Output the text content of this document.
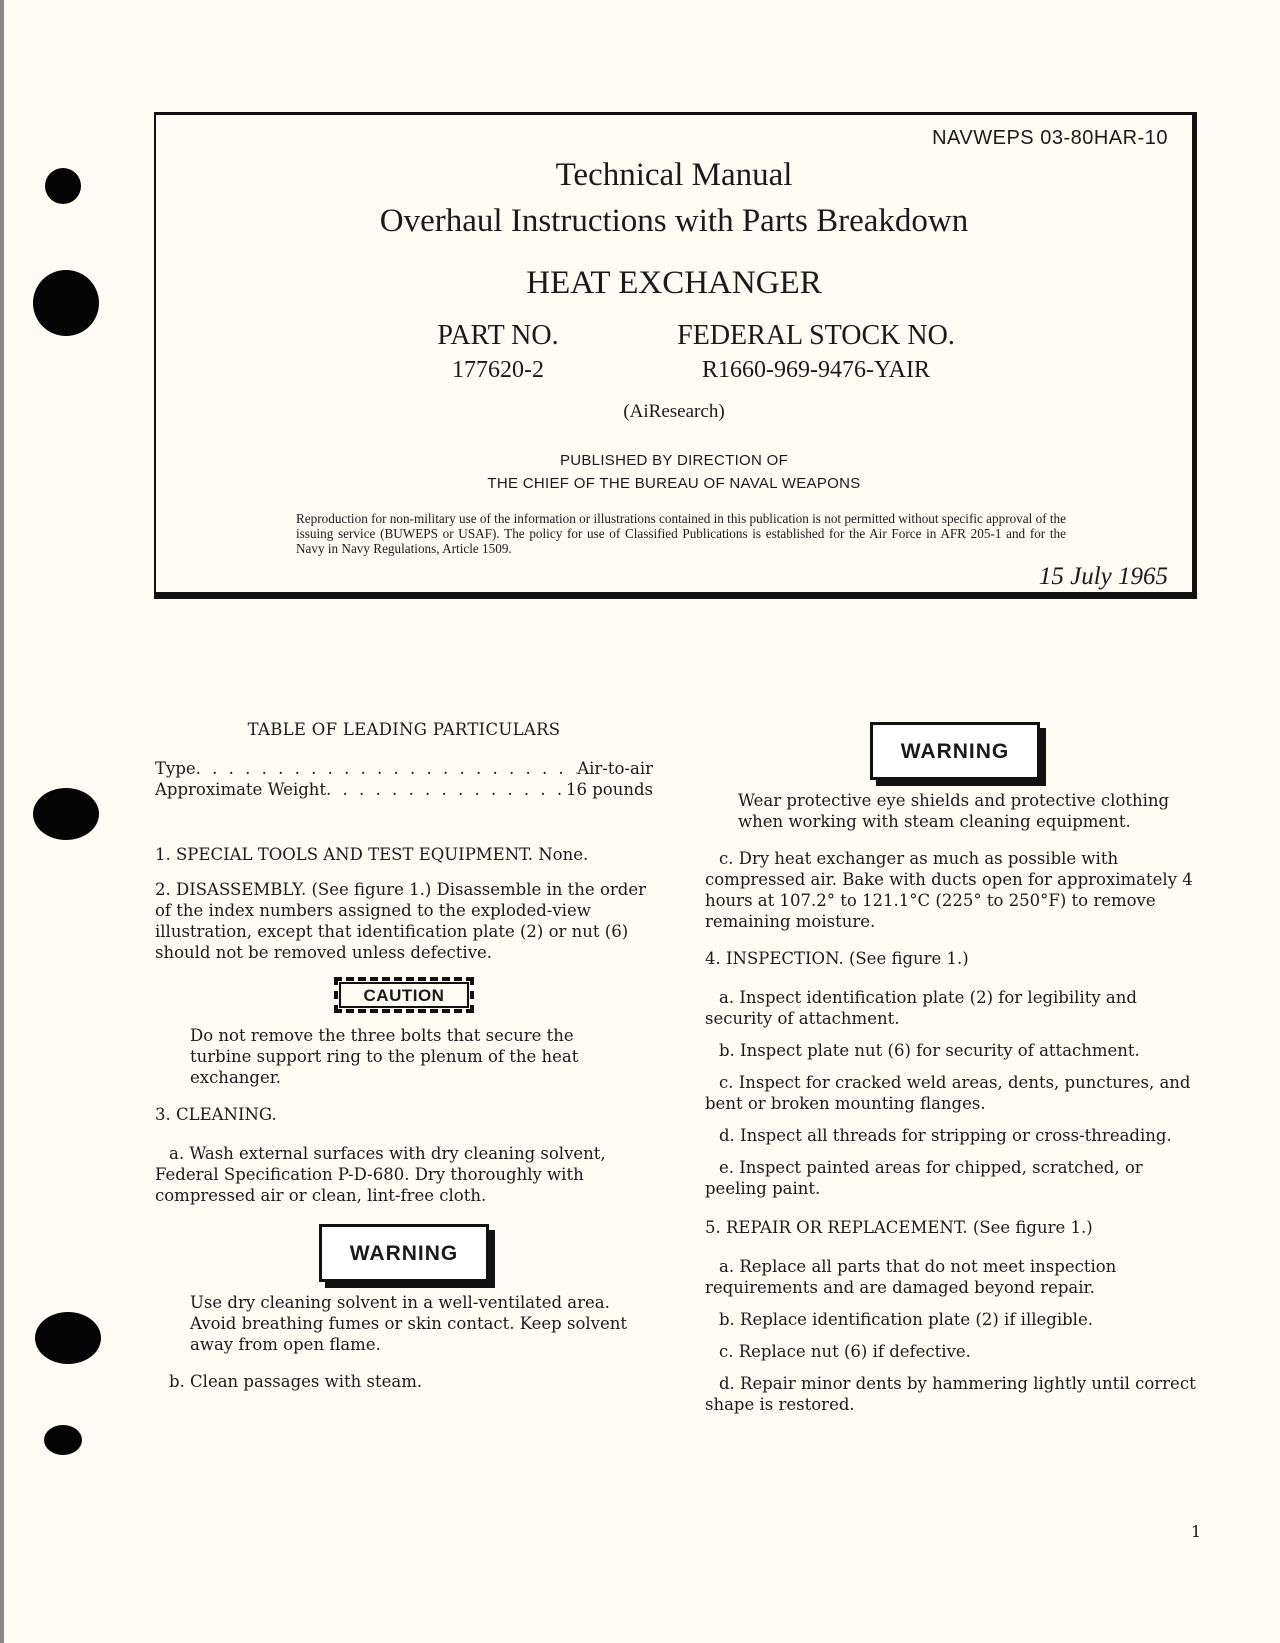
NAVWEPS 03-80HAR-10
Technical Manual
Overhaul Instructions with Parts Breakdown
HEAT EXCHANGER
PART NO.
177620-2
FEDERAL STOCK NO.
R1660-969-9476-YAIR
(AiResearch)
PUBLISHED BY DIRECTION OF
THE CHIEF OF THE BUREAU OF NAVAL WEAPONS
Reproduction for non-military use of the information or illustrations contained in this publication is not permitted without specific approval of the issuing service (BUWEPS or USAF). The policy for use of Classified Publications is established for the Air Force in AFR 205-1 and for the Navy in Navy Regulations, Article 1509.
15 July 1965
TABLE OF LEADING PARTICULARS
Type . . .	Air-to-air
Approximate Weight . . .	16 pounds

1. SPECIAL TOOLS AND TEST EQUIPMENT. None.

2. DISASSEMBLY. (See figure 1.) Disassemble in the order of the index numbers assigned to the exploded-view illustration, except that identification plate (2) or nut (6) should not be removed unless defective.

CAUTION

Do not remove the three bolts that secure the turbine support ring to the plenum of the heat exchanger.

3. CLEANING.

a. Wash external surfaces with dry cleaning solvent, Federal Specification P-D-680. Dry thoroughly with compressed air or clean, lint-free cloth.

WARNING

Use dry cleaning solvent in a well-ventilated area. Avoid breathing fumes or skin contact. Keep solvent away from open flame.

b. Clean passages with steam.

WARNING

Wear protective eye shields and protective clothing when working with steam cleaning equipment.

c. Dry heat exchanger as much as possible with compressed air. Bake with ducts open for approximately 4 hours at 107.2° to 121.1°C (225° to 250°F) to remove remaining moisture.

4. INSPECTION. (See figure 1.)

a. Inspect identification plate (2) for legibility and security of attachment.

b. Inspect plate nut (6) for security of attachment.

c. Inspect for cracked weld areas, dents, punctures, and bent or broken mounting flanges.

d. Inspect all threads for stripping or cross-threading.

e. Inspect painted areas for chipped, scratched, or peeling paint.

5. REPAIR OR REPLACEMENT. (See figure 1.)

a. Replace all parts that do not meet inspection requirements and are damaged beyond repair.

b. Replace identification plate (2) if illegible.

c. Replace nut (6) if defective.

d. Repair minor dents by hammering lightly until correct shape is restored.

1
